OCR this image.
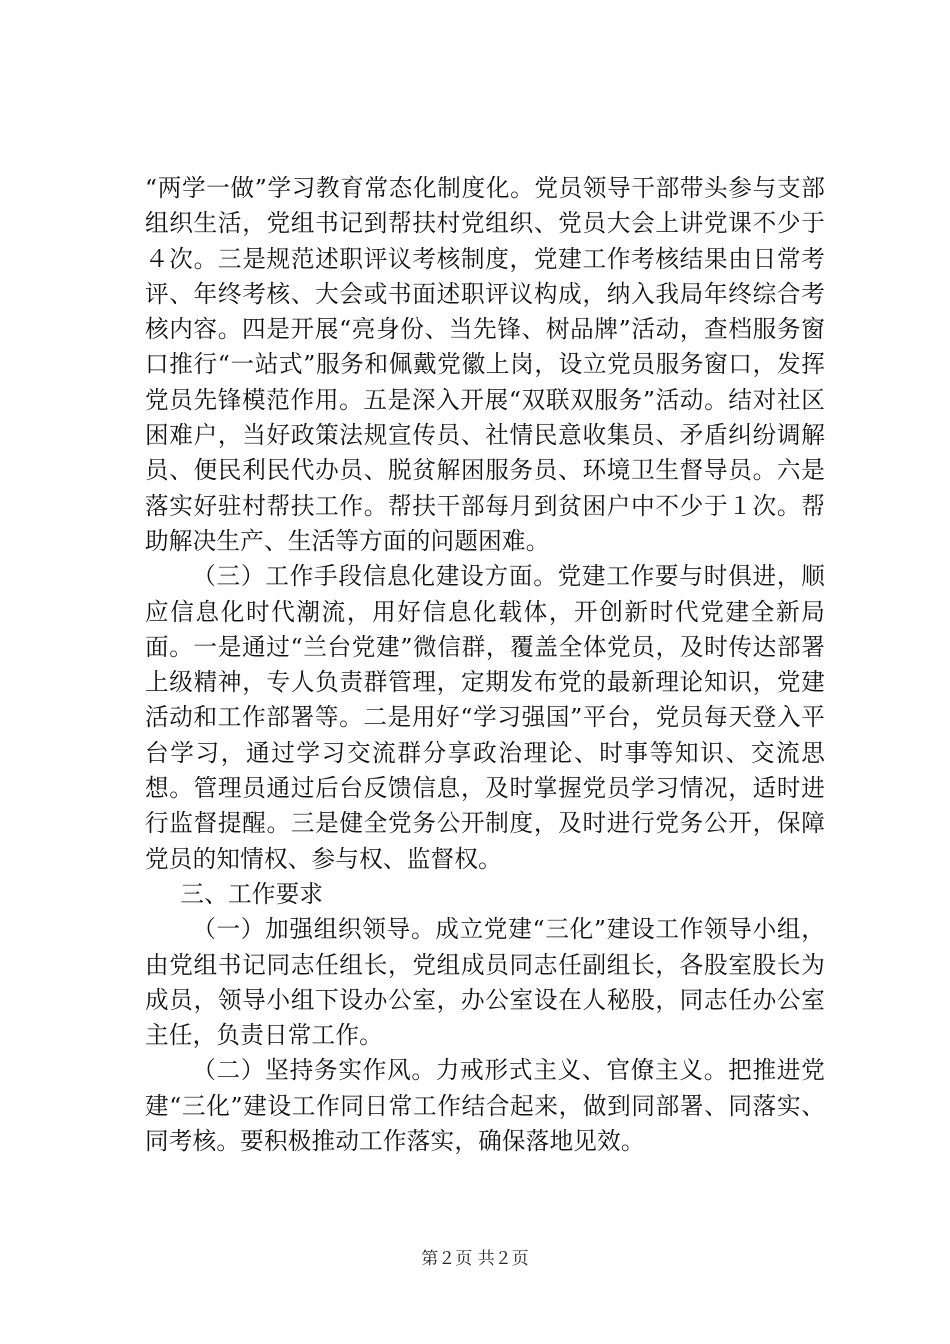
“两学一做”学习教育常态化制度化。党员领导干部带头参与支部组织生活，党组书记到帮扶村党组织、党员大会上讲党课不少于４次。三是规范述职评议考核制度，党建工作考核结果由日常考评、年终考核、大会或书面述职评议构成，纳入我局年终综合考核内容。四是开展“亮身份、当先锋、树品牌”活动，查档服务窗口推行“一站式”服务和佩戴党徽上岗，设立党员服务窗口，发挥党员先锋模范作用。五是深入开展“双联双服务”活动。结对社区困难户，当好政策法规宣传员、社情民意收集员、矛盾纠纷调解员、便民利民代办员、脱贫解困服务员、环境卫生督导员。六是落实好驻村帮扶工作。帮扶干部每月到贫困户中不少于１次。帮助解决生产、生活等方面的问题困难。

（三）工作手段信息化建设方面。党建工作要与时俱进，顺应信息化时代潮流，用好信息化载体，开创新时代党建全新局面。一是通过“兰台党建”微信群，覆盖全体党员，及时传达部署上级精神，专人负责群管理，定期发布党的最新理论知识，党建活动和工作部署等。二是用好“学习强国”平台，党员每天登入平台学习，通过学习交流群分享政治理论、时事等知识、交流思想。管理员通过后台反馈信息，及时掌握党员学习情况，适时进行监督提醒。三是健全党务公开制度，及时进行党务公开，保障党员的知情权、参与权、监督权。

三、工作要求

（一）加强组织领导。成立党建“三化”建设工作领导小组，由党组书记同志任组长，党组成员同志任副组长，各股室股长为成员，领导小组下设办公室，办公室设在人秘股，同志任办公室主任，负责日常工作。

（二）坚持务实作风。力戒形式主义、官僚主义。把推进党建“三化”建设工作同日常工作结合起来，做到同部署、同落实、同考核。要积极推动工作落实，确保落地见效。

第２页 共２页
